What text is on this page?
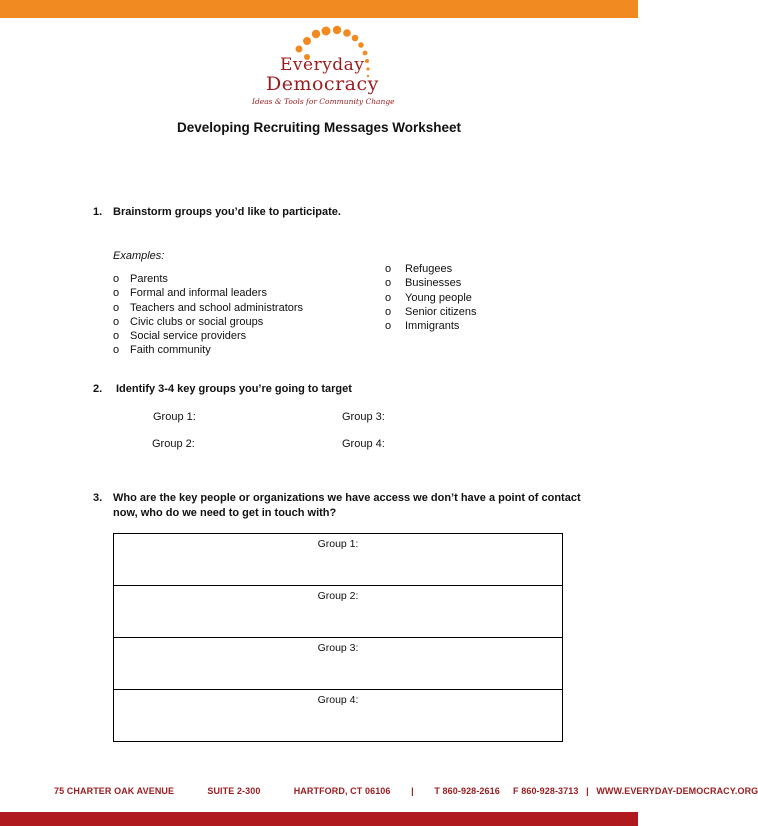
Everyday
Democracy
Ideas & Tools for Community Change
Developing Recruiting Messages Worksheet
1. Brainstorm groups you’d like to participate.
Examples:
o Parents
o Formal and informal leaders
o Teachers and school administrators
o Civic clubs or social groups
o Social service providers
o Faith community
o Refugees
o Businesses
o Young people
o Senior citizens
o Immigrants
2. Identify 3-4 key groups you’re going to target
Group 1:
Group 2:
Group 3:
Group 4:
3. Who are the key people or organizations we have access we don’t have a point of contact
now, who do we need to get in touch with?
Group 1:
Group 2:
Group 3:
Group 4:
75 CHARTER OAK AVENUE	SUITE 2-300	HARTFORD, CT 06106 | T 860-928-2616 F 860-928-3713 | WWW.EVERYDAY-DEMOCRACY.ORG
